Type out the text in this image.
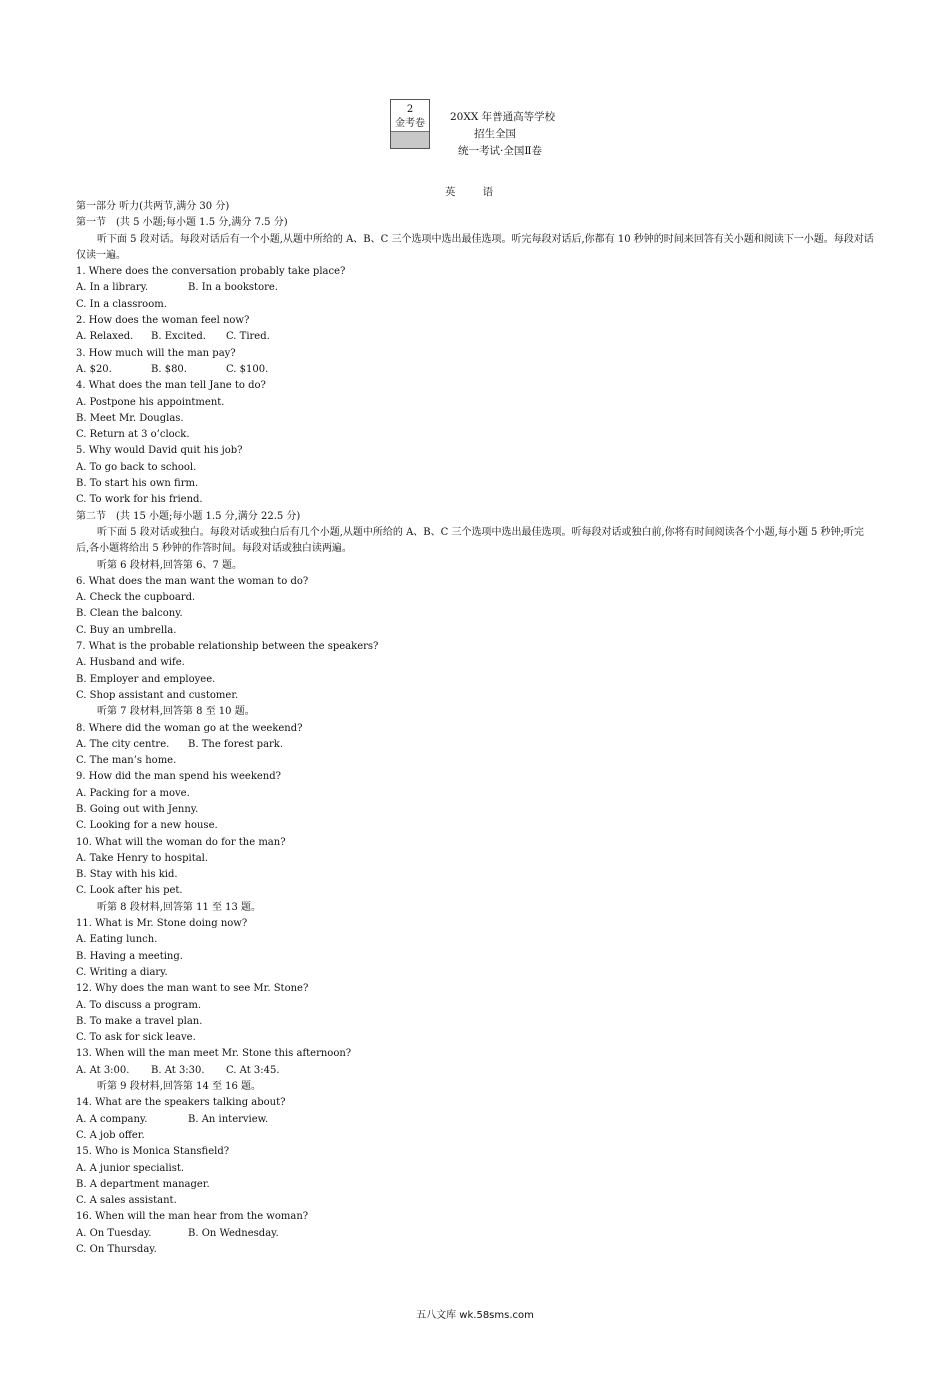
2
金考卷
20XX 年普通高等学校
招生全国
统一考试·全国Ⅱ卷
英 语
第一部分 听力(共两节,满分 30 分)
第一节 (共 5 小题;每小题 1.5 分,满分 7.5 分)
听下面 5 段对话。每段对话后有一个小题,从题中所给的 A、B、C 三个选项中选出最佳选项。听完每段对话后,你都有 10 秒钟的时间来回答有关小题和阅读下一小题。每段对话仅读一遍。
1. Where does the conversation probably take place?
A. In a library.	B. In a bookstore.
C. In a classroom.
2. How does the woman feel now?
A. Relaxed. B. Excited. C. Tired.
3. How much will the man pay?
A. $20.	B. $80.	C. $100.
4. What does the man tell Jane to do?
A. Postpone his appointment.
B. Meet Mr. Douglas.
C. Return at 3 o’clock.
5. Why would David quit his job?
A. To go back to school.
B. To start his own firm.
C. To work for his friend.
第二节 (共 15 小题;每小题 1.5 分,满分 22.5 分)
听下面 5 段对话或独白。每段对话或独白后有几个小题,从题中所给的 A、B、C 三个选项中选出最佳选项。听每段对话或独白前,你将有时间阅读各个小题,每小题 5 秒钟;听完后,各小题将给出 5 秒钟的作答时间。每段对话或独白读两遍。
听第 6 段材料,回答第 6、7 题。
6. What does the man want the woman to do?
A. Check the cupboard.
B. Clean the balcony.
C. Buy an umbrella.
7. What is the probable relationship between the speakers?
A. Husband and wife.
B. Employer and employee.
C. Shop assistant and customer.
听第 7 段材料,回答第 8 至 10 题。
8. Where did the woman go at the weekend?
A. The city centre. B. The forest park.
C. The man’s home.
9. How did the man spend his weekend?
A. Packing for a move.
B. Going out with Jenny.
C. Looking for a new house.
10. What will the woman do for the man?
A. Take Henry to hospital.
B. Stay with his kid.
C. Look after his pet.
听第 8 段材料,回答第 11 至 13 题。
11. What is Mr. Stone doing now?
A. Eating lunch.
B. Having a meeting.
C. Writing a diary.
12. Why does the man want to see Mr. Stone?
A. To discuss a program.
B. To make a travel plan.
C. To ask for sick leave.
13. When will the man meet Mr. Stone this afternoon?
A. At 3:00. B. At 3:30. C. At 3:45.
听第 9 段材料,回答第 14 至 16 题。
14. What are the speakers talking about?
A. A company.	B. An interview.
C. A job offer.
15. Who is Monica Stansfield?
A. A junior specialist.
B. A department manager.
C. A sales assistant.
16. When will the man hear from the woman?
A. On Tuesday.	B. On Wednesday.
C. On Thursday.
五八文库 wk.58sms.com
